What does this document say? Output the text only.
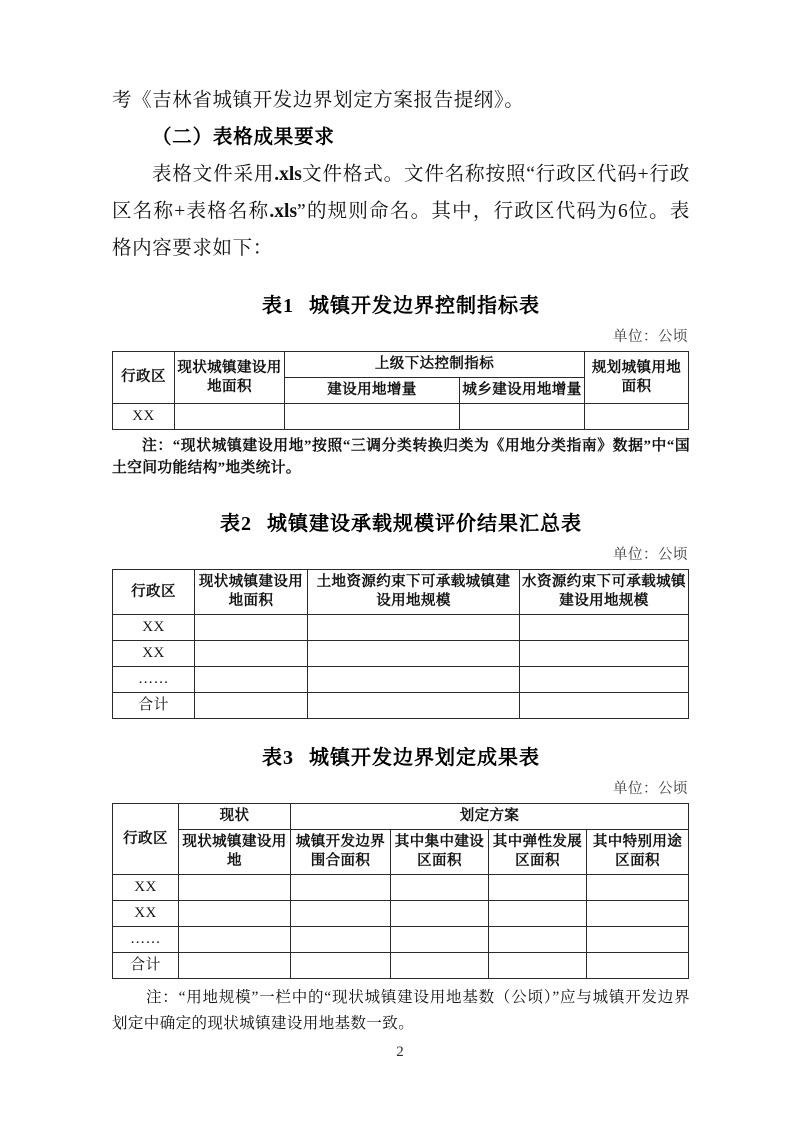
考《吉林省城镇开发边界划定方案报告提纲》。

（二）表格成果要求

表格文件采用.xls文件格式。文件名称按照“行政区代码+行政区名称+表格名称.xls”的规则命名。其中，行政区代码为6位。表格内容要求如下：

表1 城镇开发边界控制指标表

单位：公顷

行政区	现状城镇建设用地面积	上级下达控制指标		规划城镇用地面积
		建设用地增量	城乡建设用地增量	
XX				

注：“现状城镇建设用地”按照“三调分类转换归类为《用地分类指南》数据”中“国土空间功能结构”地类统计。

表2 城镇建设承载规模评价结果汇总表

单位：公顷

行政区	现状城镇建设用地面积	土地资源约束下可承载城镇建设用地规模	水资源约束下可承载城镇建设用地规模
XX			
XX			
……			
合计			

表3 城镇开发边界划定成果表

单位：公顷

行政区	现状	划定方案			
	现状城镇建设用地	城镇开发边界围合面积	其中集中建设区面积	其中弹性发展区面积	其中特别用途区面积
XX					
XX					
……					
合计					

注：“用地规模”一栏中的“现状城镇建设用地基数（公顷）”应与城镇开发边界划定中确定的现状城镇建设用地基数一致。

2
